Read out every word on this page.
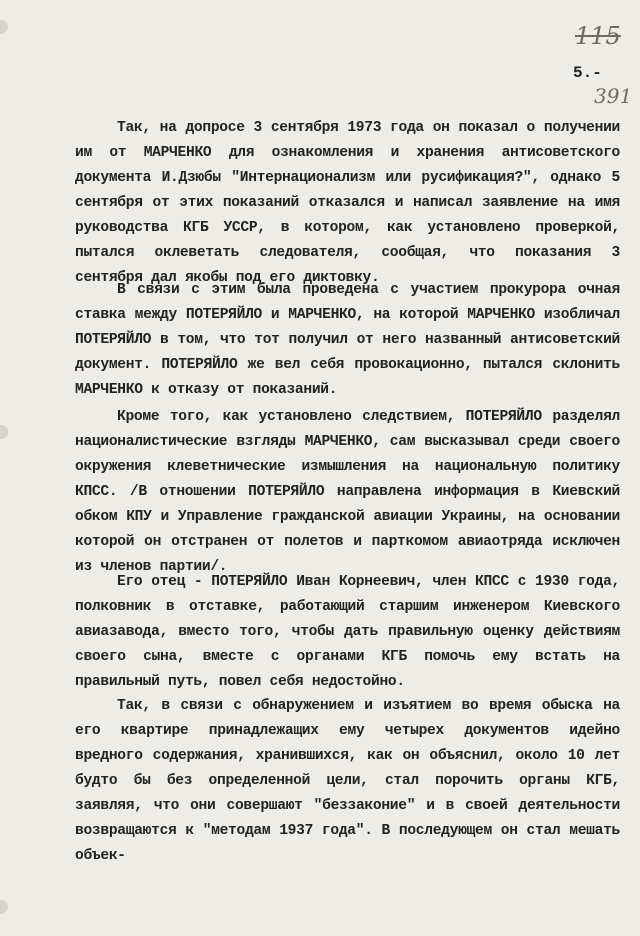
115
5.-
391

Так, на допросе 3 сентября 1973 года он показал о получении им от МАРЧЕНКО для ознакомления и хранения антисоветского документа И.Дзюбы "Интернационализм или русификация?", однако 5 сентября от этих показаний отказался и написал заявление на имя руководства КГБ УССР, в котором, как установлено проверкой, пытался оклеветать следователя, сообщая, что показания 3 сентября дал якобы под его диктовку.

В связи с этим была проведена с участием прокурора очная ставка между ПОТЕРЯЙЛО и МАРЧЕНКО, на которой МАРЧЕНКО изобличал ПОТЕРЯЙЛО в том, что тот получил от него названный антисоветский документ. ПОТЕРЯЙЛО же вел себя провокационно, пытался склонить МАРЧЕНКО к отказу от показаний.

Кроме того, как установлено следствием, ПОТЕРЯЙЛО разделял националистические взгляды МАРЧЕНКО, сам высказывал среди своего окружения клеветнические измышления на национальную политику КПСС. /В отношении ПОТЕРЯЙЛО направлена информация в Киевский обком КПУ и Управление гражданской авиации Украины, на основании которой он отстранен от полетов и парткомом авиаотряда исключен из членов партии/.

Его отец - ПОТЕРЯЙЛО Иван Корнеевич, член КПСС с 1930 года, полковник в отставке, работающий старшим инженером Киевского авиазавода, вместо того, чтобы дать правильную оценку действиям своего сына, вместе с органами КГБ помочь ему встать на правильный путь, повел себя недостойно.

Так, в связи с обнаружением и изъятием во время обыска на его квартире принадлежащих ему четырех документов идейно вредного содержания, хранившихся, как он объяснил, около 10 лет будто бы без определенной цели, стал порочить органы КГБ, заявляя, что они совершают "беззаконие" и в своей деятельности возвращаются к "методам 1937 года". В последующем он стал мешать объек-
